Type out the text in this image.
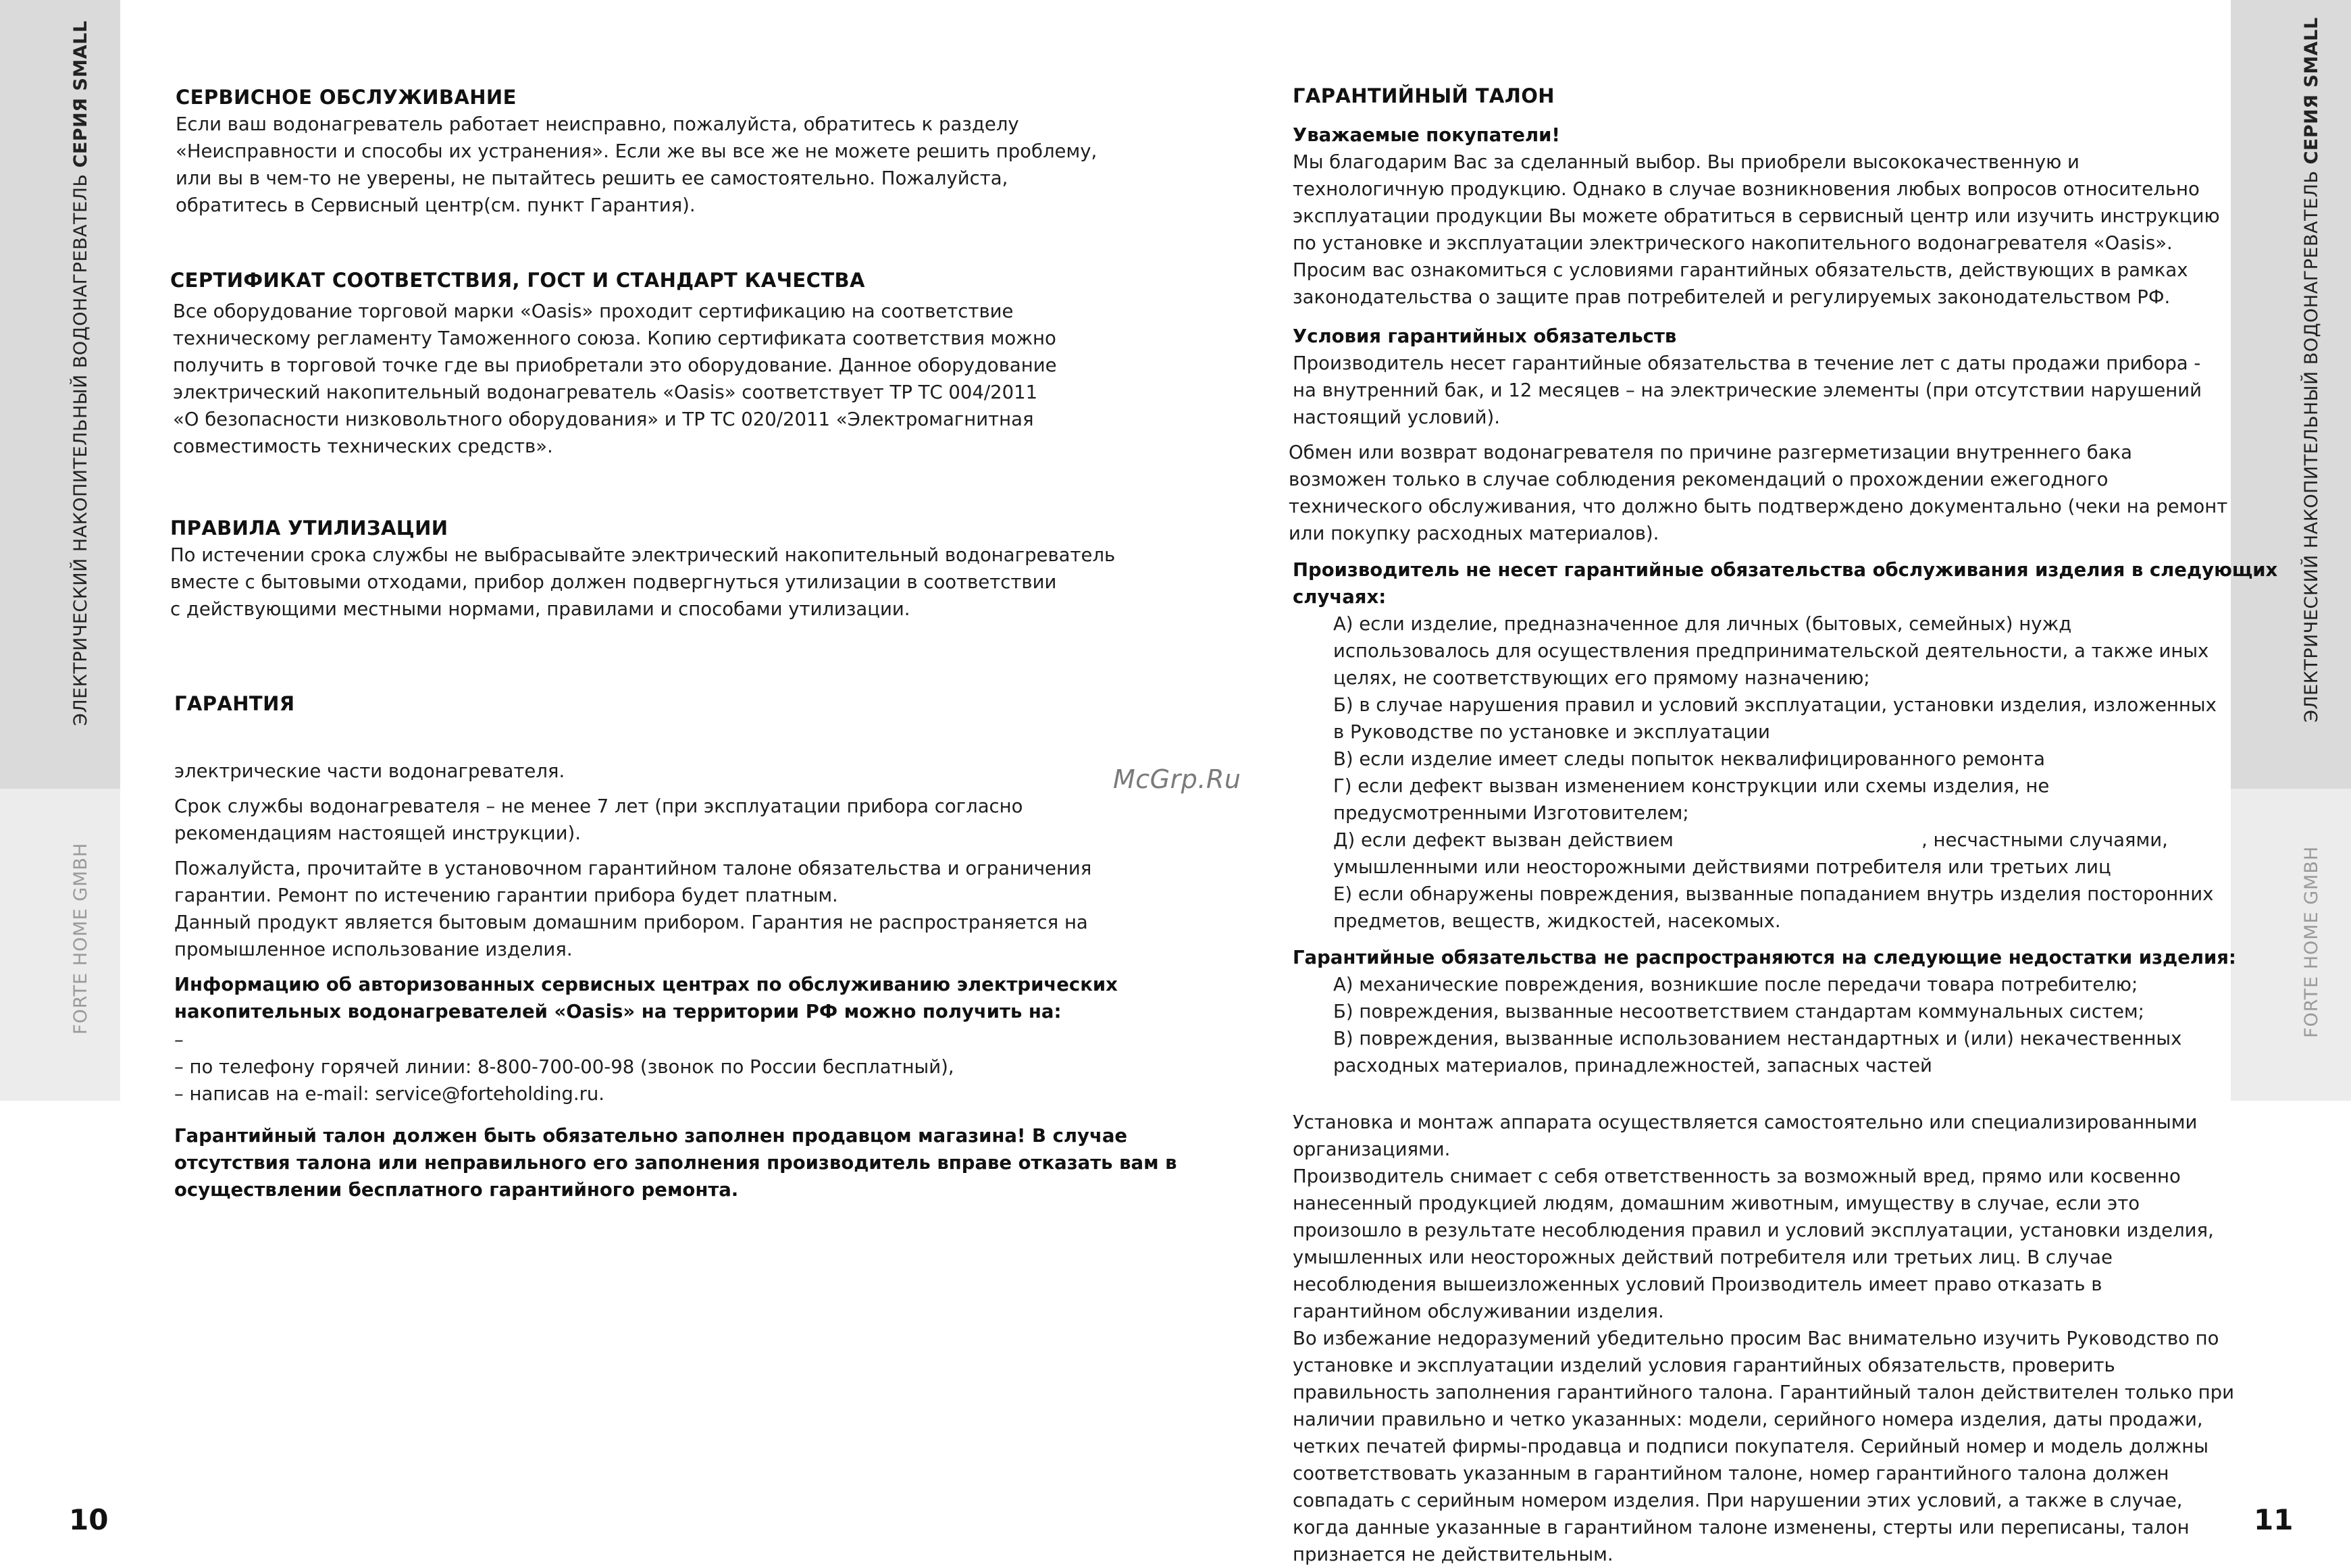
ЭЛЕКТРИЧЕСКИЙ НАКОПИТЕЛЬНЫЙ ВОДОНАГРЕВАТЕЛЬ СЕРИЯ SMALL
FORTE HOME GMBH
ЭЛЕКТРИЧЕСКИЙ НАКОПИТЕЛЬНЫЙ ВОДОНАГРЕВАТЕЛЬ СЕРИЯ SMALL
FORTE HOME GMBH
10	11
McGrp.Ru

СЕРВИСНОЕ ОБСЛУЖИВАНИЕ

Если ваш водонагреватель работает неисправно, пожалуйста, обратитесь к разделу

«Неисправности и способы их устранения». Если же вы все же не можете решить проблему,

или вы в чем-то не уверены, не пытайтесь решить ее самостоятельно. Пожалуйста,

обратитесь в Сервисный центр(см. пункт Гарантия).

СЕРТИФИКАТ СООТВЕТСТВИЯ, ГОСТ И СТАНДАРТ КАЧЕСТВА

Все оборудование торговой марки «Oasis» проходит сертификацию на соответствие

техническому регламенту Таможенного союза. Копию сертификата соответствия можно

получить в торговой точке где вы приобретали это оборудование. Данное оборудование

электрический накопительный водонагреватель «Oasis» соответствует ТР ТС 004/2011

«О безопасности низковольтного оборудования» и ТР ТС 020/2011 «Электромагнитная

совместимость технических средств».

ПРАВИЛА УТИЛИЗАЦИИ

По истечении срока службы не выбрасывайте электрический накопительный водонагреватель

вместе с бытовыми отходами, прибор должен подвергнуться утилизации в соответствии

с действующими местными нормами, правилами и способами утилизации.

ГАРАНТИЯ

электрические части водонагревателя.

Срок службы водонагревателя – не менее 7 лет (при эксплуатации прибора согласно

рекомендациям настоящей инструкции).

Пожалуйста, прочитайте в установочном гарантийном талоне обязательства и ограничения

гарантии. Ремонт по истечению гарантии прибора будет платным.

Данный продукт является бытовым домашним прибором. Гарантия не распространяется на

промышленное использование изделия.

Информацию об авторизованных сервисных центрах по обслуживанию электрических

накопительных водонагревателей «Oasis» на территории РФ можно получить на:

–

– по телефону горячей линии: 8-800-700-00-98 (звонок по России бесплатный),

– написав на e-mail: service@forteholding.ru.

Гарантийный талон должен быть обязательно заполнен продавцом магазина! В случае

отсутствия талона или неправильного его заполнения производитель вправе отказать вам в

осуществлении бесплатного гарантийного ремонта.

ГАРАНТИЙНЫЙ ТАЛОН

Уважаемые покупатели!

Мы благодарим Вас за сделанный выбор. Вы приобрели высококачественную и

технологичную продукцию. Однако в случае возникновения любых вопросов относительно

эксплуатации продукции Вы можете обратиться в сервисный центр или изучить инструкцию

по установке и эксплуатации электрического накопительного водонагревателя «Oasis».

Просим вас ознакомиться с условиями гарантийных обязательств, действующих в рамках

законодательства о защите прав потребителей и регулируемых законодательством РФ.

Условия гарантийных обязательств

Производитель несет гарантийные обязательства в течение лет с даты продажи прибора -

на внутренний бак, и 12 месяцев – на электрические элементы (при отсутствии нарушений

настоящий условий).

Обмен или возврат водонагревателя по причине разгерметизации внутреннего бака

возможен только в случае соблюдения рекомендаций о прохождении ежегодного

технического обслуживания, что должно быть подтверждено документально (чеки на ремонт

или покупку расходных материалов).

Производитель не несет гарантийные обязательства обслуживания изделия в следующих

случаях:

А) если изделие, предназначенное для личных (бытовых, семейных) нужд

использовалось для осуществления предпринимательской деятельности, а также иных

целях, не соответствующих его прямому назначению;

Б) в случае нарушения правил и условий эксплуатации, установки изделия, изложенных

в Руководстве по установке и эксплуатации

В) если изделие имеет следы попыток неквалифицированного ремонта

Г) если дефект вызван изменением конструкции или схемы изделия, не

предусмотренными Изготовителем;

Д) если дефект вызван действием                                          , несчастными случаями,

умышленными или неосторожными действиями потребителя или третьих лиц

Е) если обнаружены повреждения, вызванные попаданием внутрь изделия посторонних

предметов, веществ, жидкостей, насекомых.

Гарантийные обязательства не распространяются на следующие недостатки изделия:

А) механические повреждения, возникшие после передачи товара потребителю;

Б) повреждения, вызванные несоответствием стандартам коммунальных систем;

В) повреждения, вызванные использованием нестандартных и (или) некачественных

расходных материалов, принадлежностей, запасных частей

Установка и монтаж аппарата осуществляется самостоятельно или специализированными

организациями.

Производитель снимает с себя ответственность за возможный вред, прямо или косвенно

нанесенный продукцией людям, домашним животным, имуществу в случае, если это

произошло в результате несоблюдения правил и условий эксплуатации, установки изделия,

умышленных или неосторожных действий потребителя или третьих лиц. В случае

несоблюдения вышеизложенных условий Производитель имеет право отказать в

гарантийном обслуживании изделия.

Во избежание недоразумений убедительно просим Вас внимательно изучить Руководство по

установке и эксплуатации изделий условия гарантийных обязательств, проверить

правильность заполнения гарантийного талона. Гарантийный талон действителен только при

наличии правильно и четко указанных: модели, серийного номера изделия, даты продажи,

четких печатей фирмы-продавца и подписи покупателя. Серийный номер и модель должны

соответствовать указанным в гарантийном талоне, номер гарантийного талона должен

совпадать с серийным номером изделия. При нарушении этих условий, а также в случае,

когда данные указанные в гарантийном талоне изменены, стерты или переписаны, талон

признается не действительным.
